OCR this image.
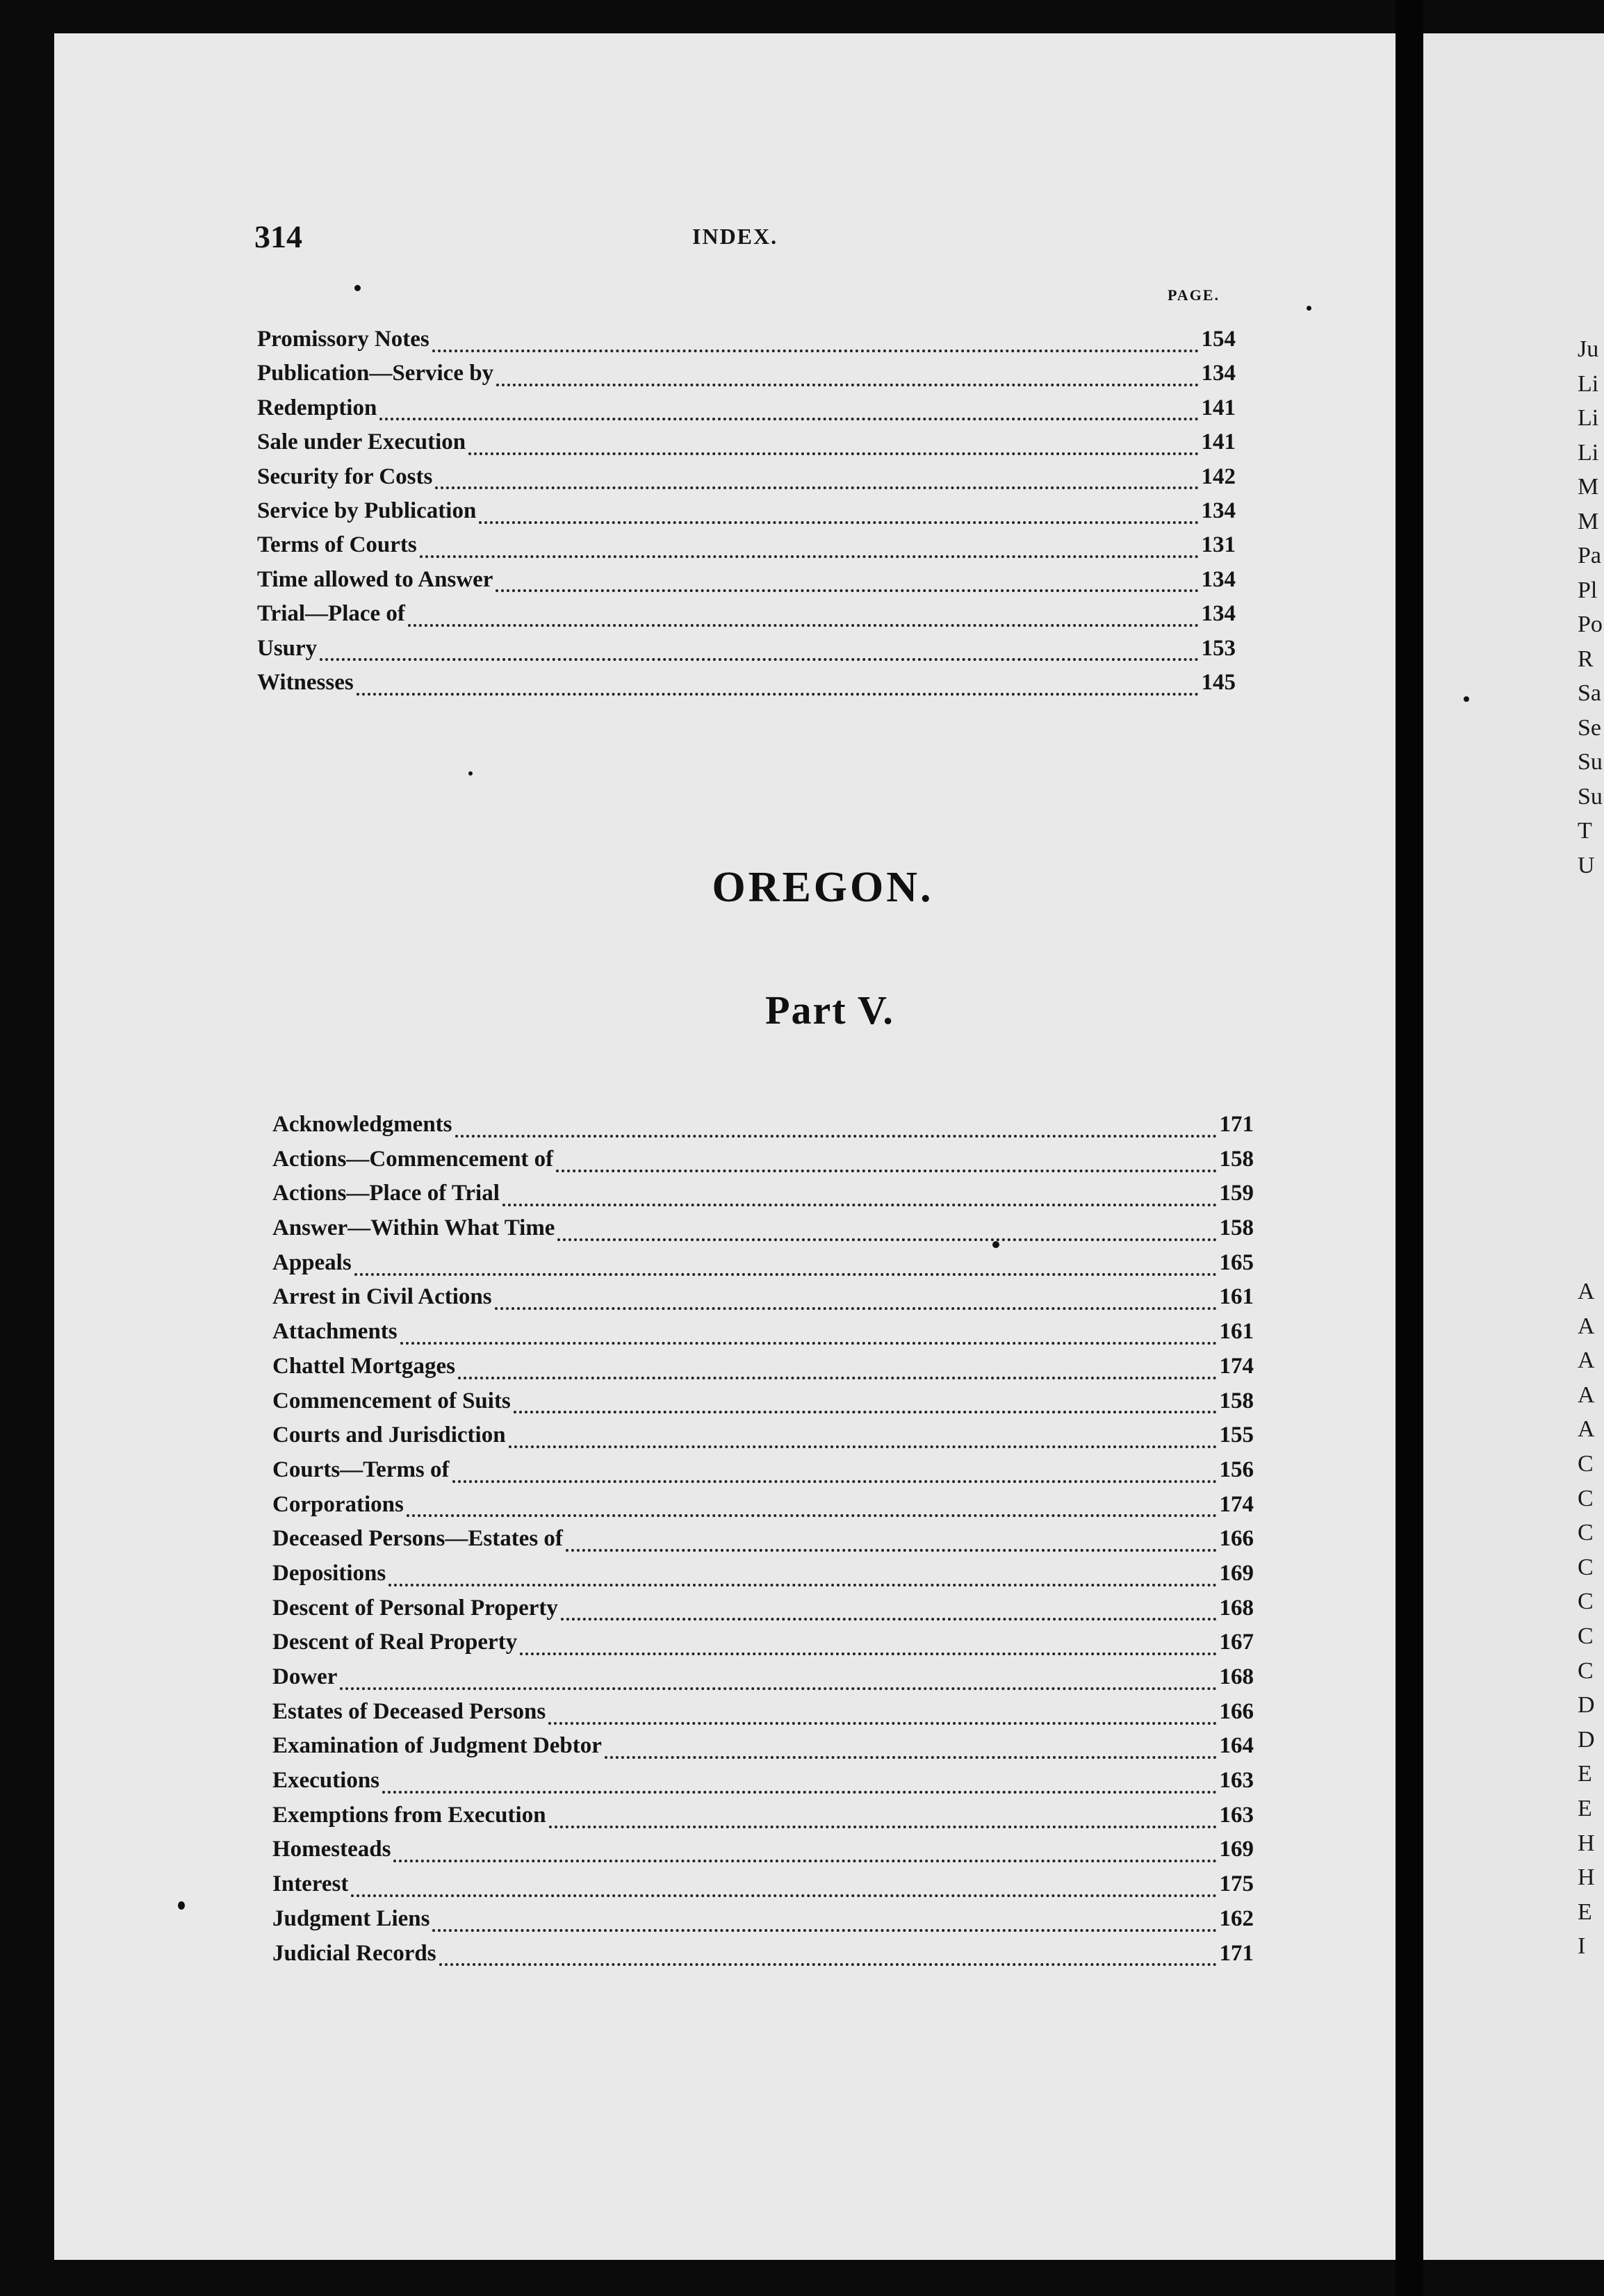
Ju
Li
Li
Li
M
M
Pa
Pl
Po
R
Sa
Se
Su
Su
T
U
A
A
A
A
A
C
C
C
C
C
C
C
D
D
E
E
H
H
E
I
314	INDEX.
PAGE.
Promissory Notes	154
Publication—Service by	134
Redemption	141
Sale under Execution	141
Security for Costs	142
Service by Publication	134
Terms of Courts	131
Time allowed to Answer	134
Trial—Place of	134
Usury	153
Witnesses	145
OREGON.
Part V.
Acknowledgments	171
Actions—Commencement of	158
Actions—Place of Trial	159
Answer—Within What Time	158
Appeals	165
Arrest in Civil Actions	161
Attachments	161
Chattel Mortgages	174
Commencement of Suits	158
Courts and Jurisdiction	155
Courts—Terms of	156
Corporations	174
Deceased Persons—Estates of	166
Depositions	169
Descent of Personal Property	168
Descent of Real Property	167
Dower	168
Estates of Deceased Persons	166
Examination of Judgment Debtor	164
Executions	163
Exemptions from Execution	163
Homesteads	169
Interest	175
Judgment Liens	162
Judicial Records	171
